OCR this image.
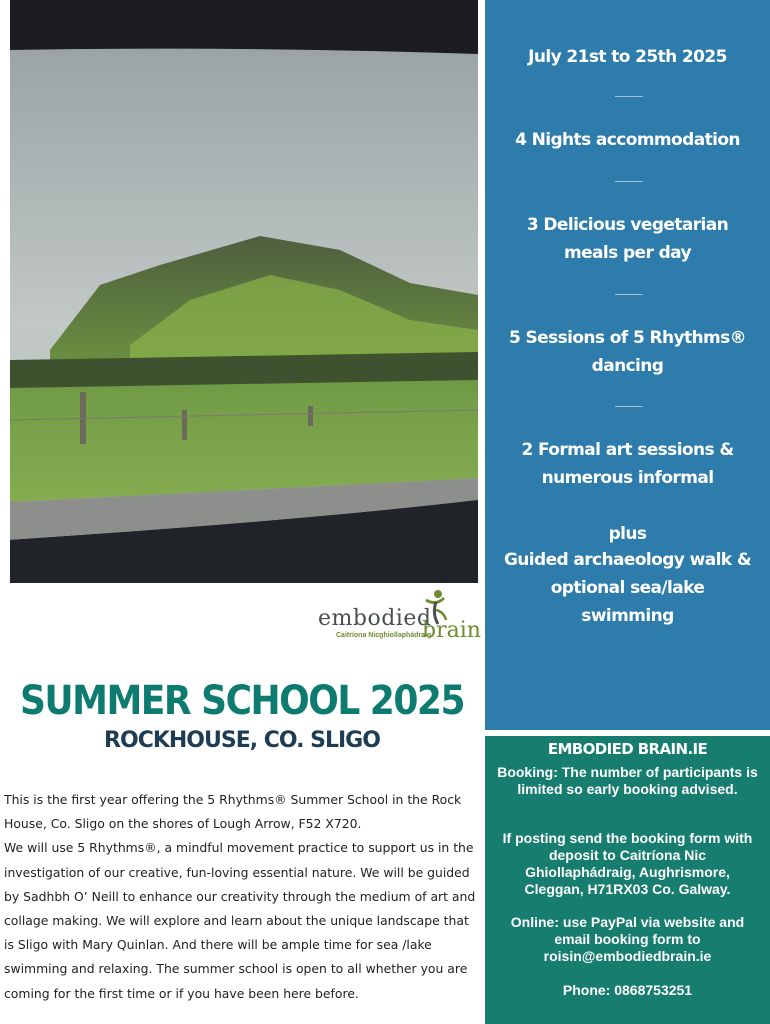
embodied
brain
Caitríona Nicghiollaphádraig
SUMMER SCHOOL 2025
ROCKHOUSE, CO. SLIGO

This is the first year offering the 5 Rhythms® Summer School in the Rock House, Co. Sligo on the shores of Lough Arrow, F52 X720.

We will use 5 Rhythms®, a mindful movement practice to support us in the investigation of our creative, fun-loving essential nature. We will be guided by Sadhbh O’ Neill to enhance our creativity through the medium of art and collage making. We will explore and learn about the unique landscape that is Sligo with Mary Quinlan. And there will be ample time for sea /lake swimming and relaxing. The summer school is open to all whether you are coming for the first time or if you have been here before.

July 21st to 25th 2025
4 Nights accommodation
3 Delicious vegetarian
meals per day
5 Sessions of 5 Rhythms®
dancing
2 Formal art sessions &
numerous informal
plus
Guided archaeology walk &
optional sea/lake
swimming
EMBODIED BRAIN.IE
Booking: The number of participants is limited so early booking advised.
If posting send the booking form with deposit to Caitríona Nic Ghiollaphádraig, Aughrismore, Cleggan, H71RX03 Co. Galway.
Online: use PayPal via website and email booking form to roisin@embodiedbrain.ie
Phone: 0868753251
